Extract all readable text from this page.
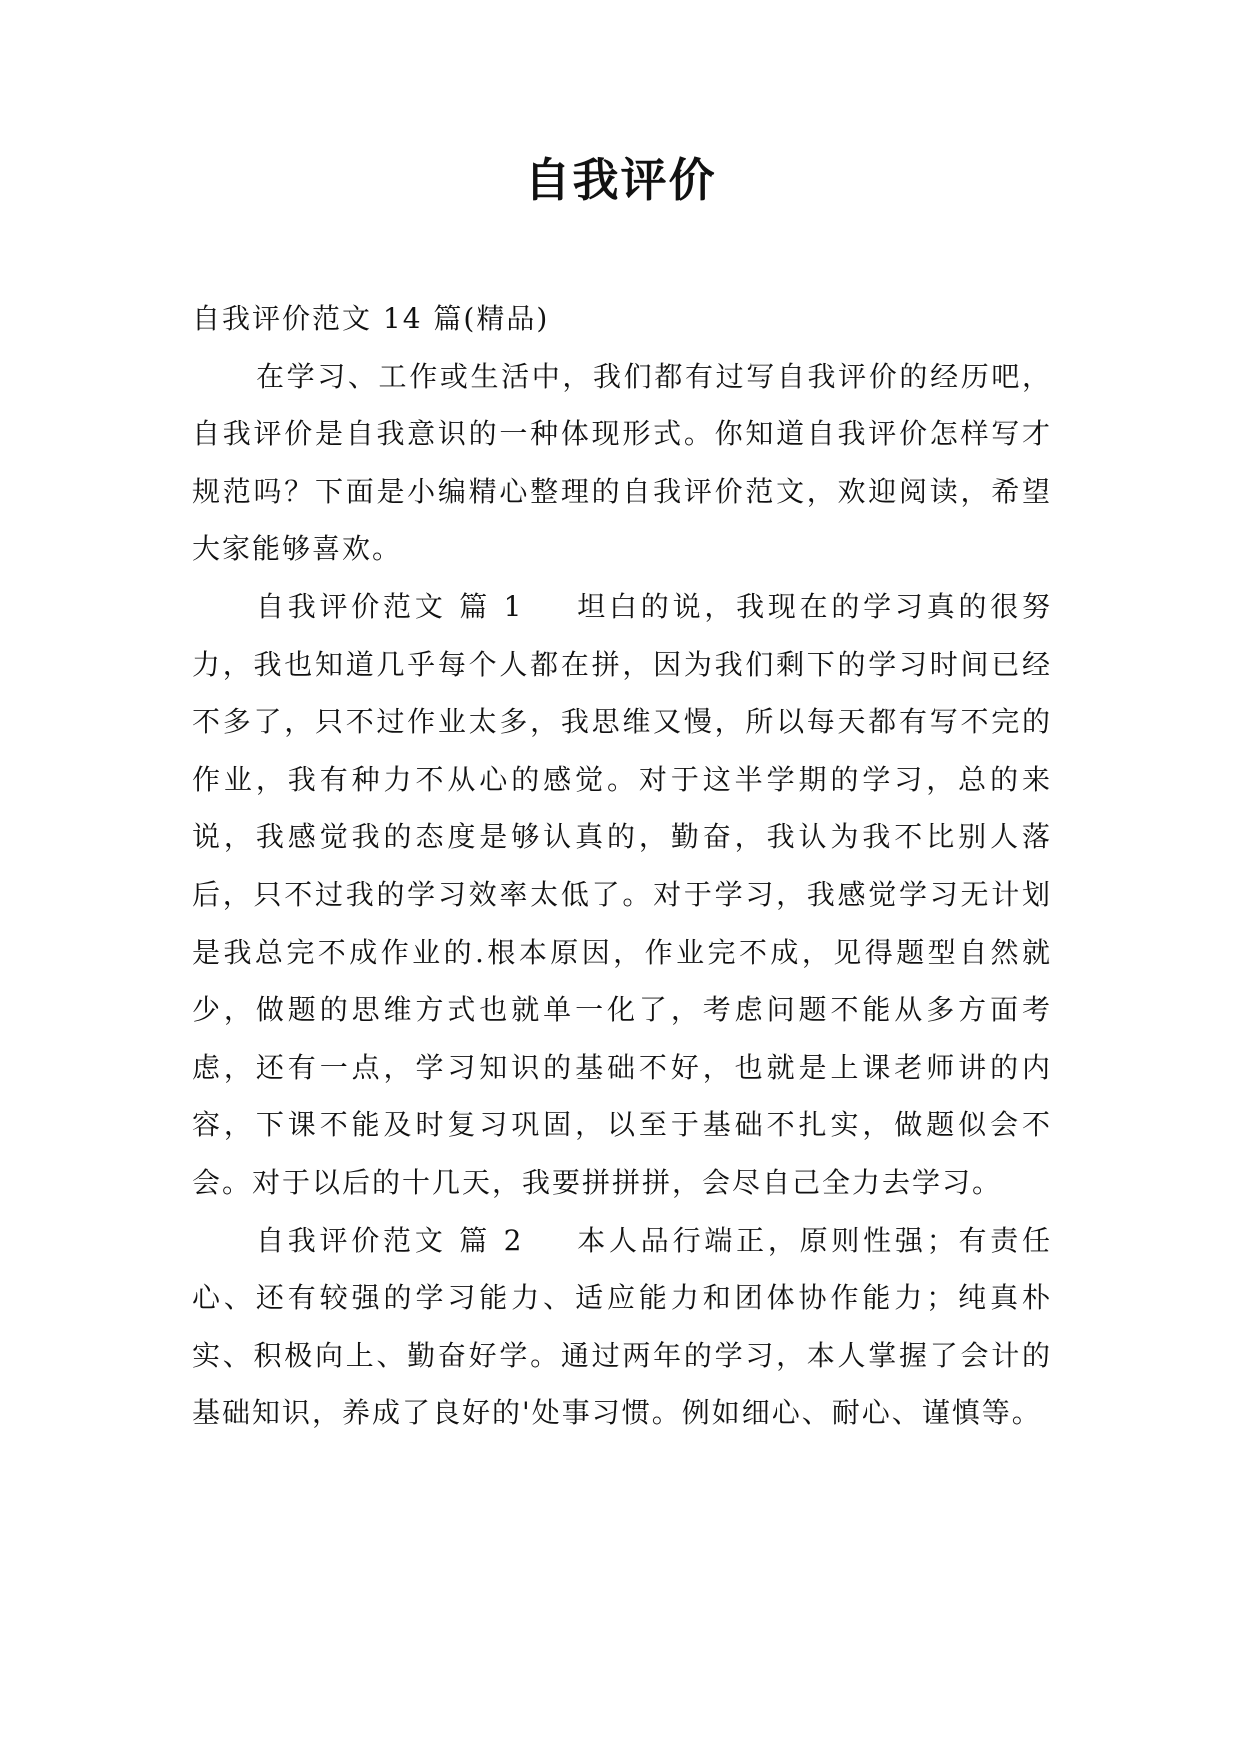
自我评价

自我评价范文 14 篇(精品)

在学习、工作或生活中，我们都有过写自我评价的经历吧，自我评价是自我意识的一种体现形式。你知道自我评价怎样写才规范吗？下面是小编精心整理的自我评价范文，欢迎阅读，希望大家能够喜欢。

自我评价范文 篇 1 坦白的说，我现在的学习真的很努力，我也知道几乎每个人都在拼，因为我们剩下的学习时间已经不多了，只不过作业太多，我思维又慢，所以每天都有写不完的作业，我有种力不从心的感觉。对于这半学期的学习，总的来说，我感觉我的态度是够认真的，勤奋，我认为我不比别人落后，只不过我的学习效率太低了。对于学习，我感觉学习无计划是我总完不成作业的.根本原因，作业完不成，见得题型自然就少，做题的思维方式也就单一化了，考虑问题不能从多方面考虑，还有一点，学习知识的基础不好，也就是上课老师讲的内容，下课不能及时复习巩固，以至于基础不扎实，做题似会不会。对于以后的十几天，我要拼拼拼，会尽自己全力去学习。

自我评价范文 篇 2 本人品行端正，原则性强；有责任心、还有较强的学习能力、适应能力和团体协作能力；纯真朴实、积极向上、勤奋好学。通过两年的学习，本人掌握了会计的基础知识，养成了良好的'处事习惯。例如细心、耐心、谨慎等。
